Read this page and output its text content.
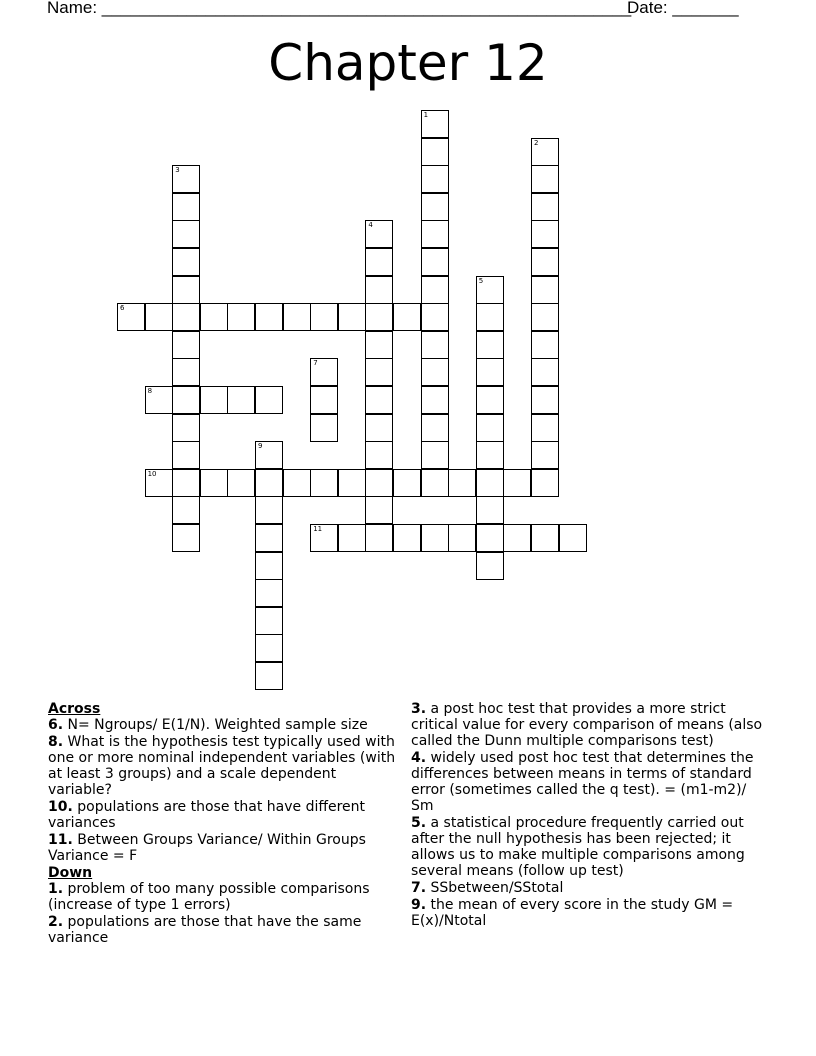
Name: ________________________________________________________
Date: _______
Chapter 12
1
2
3
4
5
6
7
8
9
10
11
Across
6. N= Ngroups/ E(1/N). Weighted sample size
8. What is the hypothesis test typically used with one or more nominal independent variables (with at least 3 groups) and a scale dependent variable?
10. populations are those that have different variances
11. Between Groups Variance/ Within Groups Variance = F
Down
1. problem of too many possible comparisons (increase of type 1 errors)
2. populations are those that have the same variance
3. a post hoc test that provides a more strict critical value for every comparison of means (also called the Dunn multiple comparisons test)
4. widely used post hoc test that determines the differences between means in terms of standard error (sometimes called the q test). = (m1-m2)/ Sm
5. a statistical procedure frequently carried out after the null hypothesis has been rejected; it allows us to make multiple comparisons among several means (follow up test)
7. SSbetween/SStotal
9. the mean of every score in the study GM = E(x)/Ntotal
